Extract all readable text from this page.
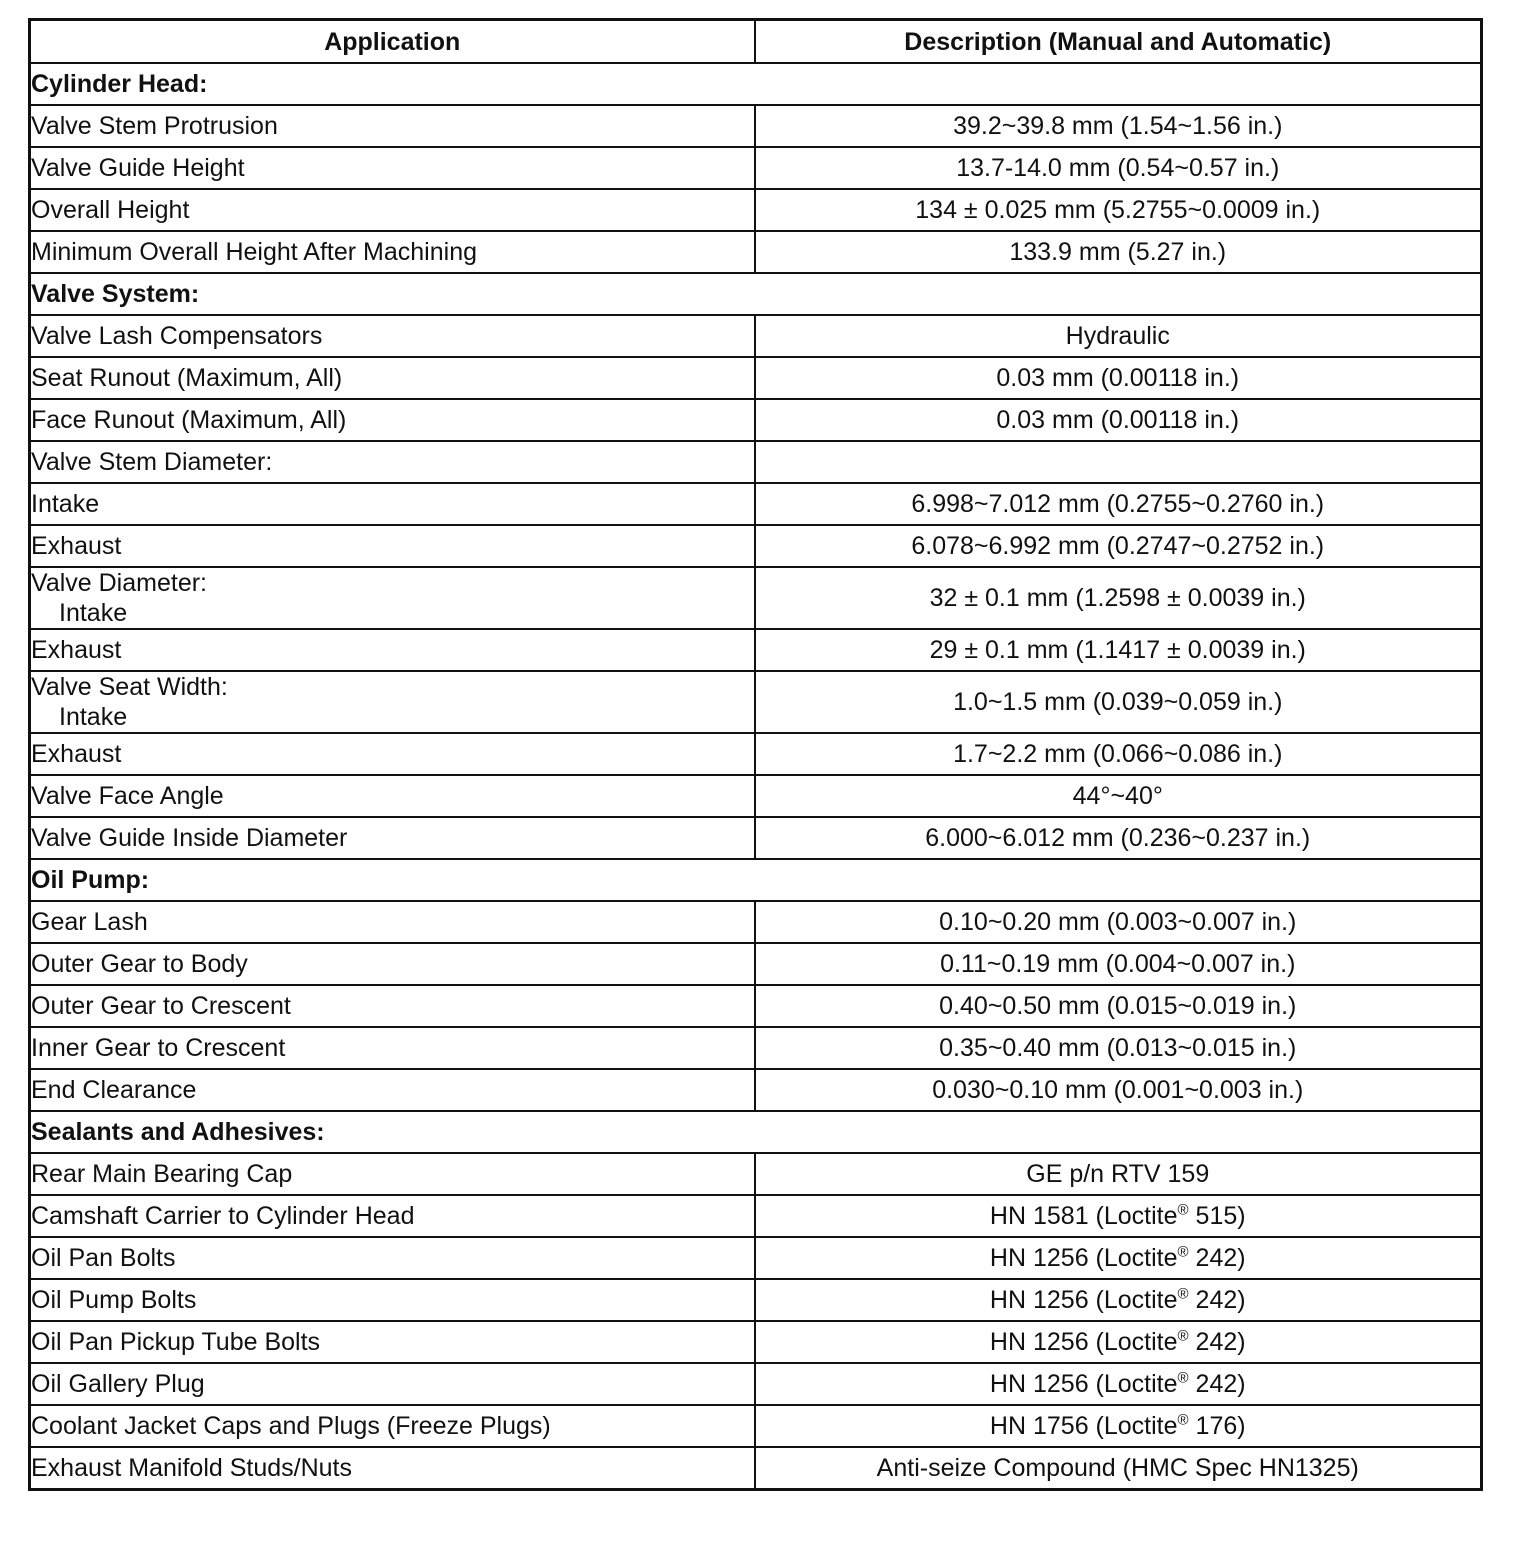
Application	Description (Manual and Automatic)
Cylinder Head:	
Valve Stem Protrusion	39.2~39.8 mm (1.54~1.56 in.)
Valve Guide Height	13.7-14.0 mm (0.54~0.57 in.)
Overall Height	134 ± 0.025 mm (5.2755~0.0009 in.)
Minimum Overall Height After Machining	133.9 mm (5.27 in.)
Valve System:	
Valve Lash Compensators	Hydraulic
Seat Runout (Maximum, All)	0.03 mm (0.00118 in.)
Face Runout (Maximum, All)	0.03 mm (0.00118 in.)
Valve Stem Diameter:	
Intake	6.998~7.012 mm (0.2755~0.2760 in.)
Exhaust	6.078~6.992 mm (0.2747~0.2752 in.)

Valve Diameter:
Intake	32 ± 0.1 mm (1.2598 ± 0.0039 in.)
Exhaust	29 ± 0.1 mm (1.1417 ± 0.0039 in.)

Valve Seat Width:
Intake	1.0~1.5 mm (0.039~0.059 in.)
Exhaust	1.7~2.2 mm (0.066~0.086 in.)
Valve Face Angle	44°~40°
Valve Guide Inside Diameter	6.000~6.012 mm (0.236~0.237 in.)
Oil Pump:	
Gear Lash	0.10~0.20 mm (0.003~0.007 in.)
Outer Gear to Body	0.11~0.19 mm (0.004~0.007 in.)
Outer Gear to Crescent	0.40~0.50 mm (0.015~0.019 in.)
Inner Gear to Crescent	0.35~0.40 mm (0.013~0.015 in.)
End Clearance	0.030~0.10 mm (0.001~0.003 in.)
Sealants and Adhesives:	
Rear Main Bearing Cap	GE p/n RTV 159
Camshaft Carrier to Cylinder Head	HN 1581 (Loctite® 515)
Oil Pan Bolts	HN 1256 (Loctite® 242)
Oil Pump Bolts	HN 1256 (Loctite® 242)
Oil Pan Pickup Tube Bolts	HN 1256 (Loctite® 242)
Oil Gallery Plug	HN 1256 (Loctite® 242)
Coolant Jacket Caps and Plugs (Freeze Plugs)	HN 1756 (Loctite® 176)
Exhaust Manifold Studs/Nuts	Anti-seize Compound (HMC Spec HN1325)
